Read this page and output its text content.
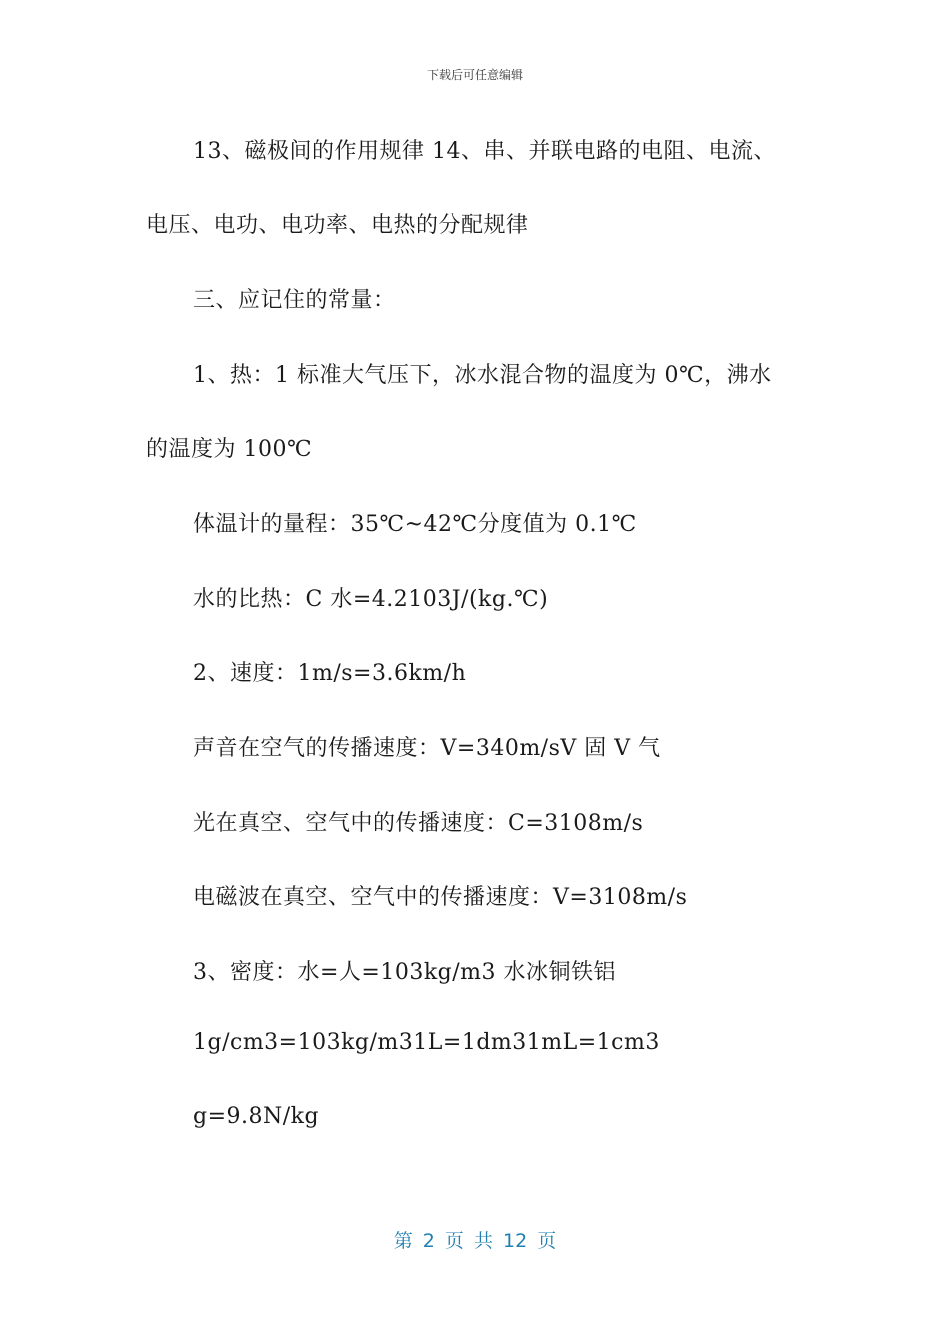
下载后可任意编辑
13、磁极间的作用规律 14、串、并联电路的电阻、电流、
电压、电功、电功率、电热的分配规律
三、应记住的常量：
1、热：1 标准大气压下，冰水混合物的温度为 0℃，沸水
的温度为 100℃
体温计的量程：35℃~42℃分度值为 0.1℃
水的比热：C 水=4.2103J/(kg.℃)
2、速度：1m/s=3.6km/h
声音在空气的传播速度：V=340m/sV 固 V 气
光在真空、空气中的传播速度：C=3108m/s
电磁波在真空、空气中的传播速度：V=3108m/s
3、密度：水=人=103kg/m3 水冰铜铁铝
1g/cm3=103kg/m31L=1dm31mL=1cm3
g=9.8N/kg
第 2 页 共 12 页
